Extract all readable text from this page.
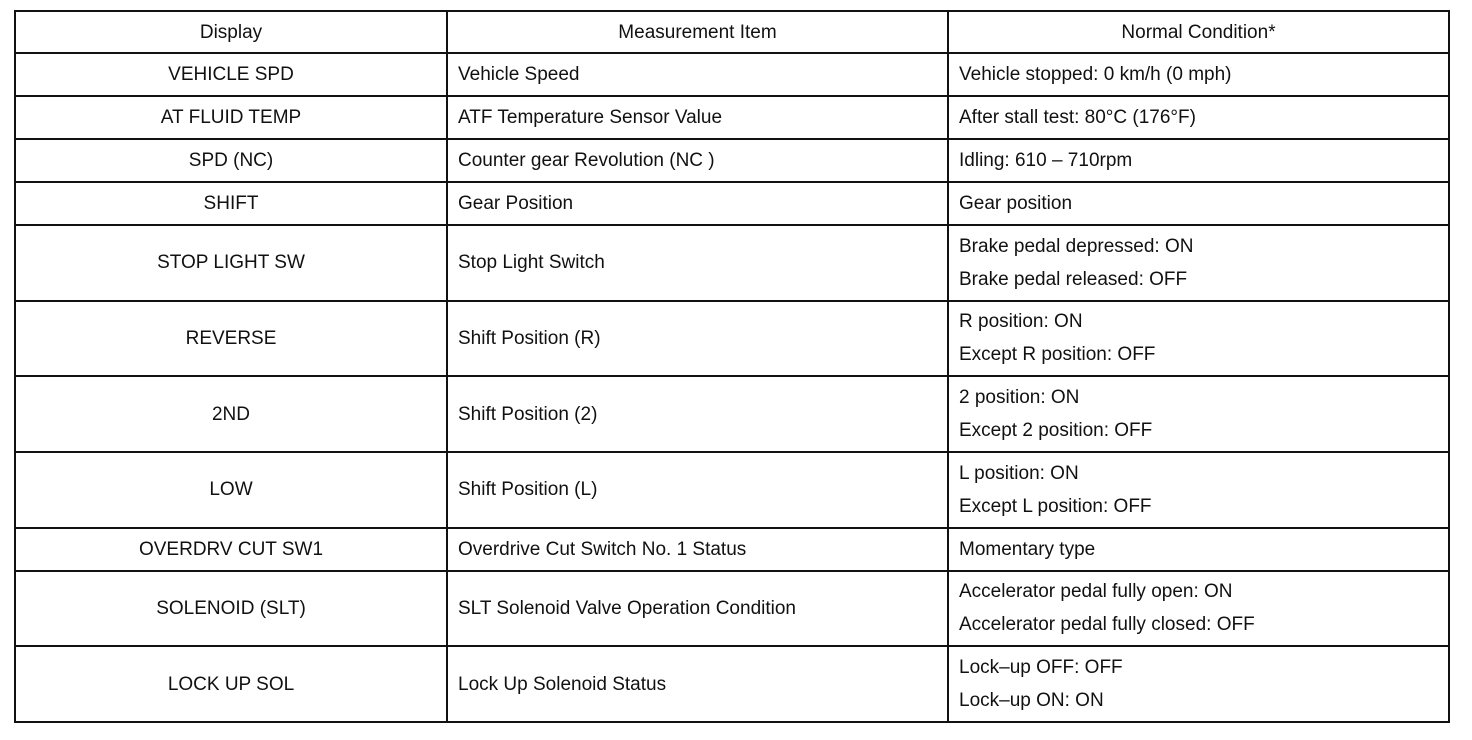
Display	Measurement Item	Normal Condition*
VEHICLE SPD	Vehicle Speed	Vehicle stopped: 0 km/h (0 mph)

AT FLUID TEMP	ATF Temperature Sensor Value	After stall test: 80°C (176°F)

SPD (NC)	Counter gear Revolution (NC )	Idling: 610 – 710rpm

SHIFT	Gear Position	Gear position

STOP LIGHT SW	Stop Light Switch	Brake pedal depressed: ON
Brake pedal released: OFF

REVERSE	Shift Position (R)	R position: ON
Except R position: OFF

2ND	Shift Position (2)	2 position: ON
Except 2 position: OFF

LOW	Shift Position (L)	L position: ON
Except L position: OFF

OVERDRV CUT SW1	Overdrive Cut Switch No. 1 Status	Momentary type

SOLENOID (SLT)	SLT Solenoid Valve Operation Condition	Accelerator pedal fully open: ON
Accelerator pedal fully closed: OFF

LOCK UP SOL	Lock Up Solenoid Status	Lock–up OFF: OFF
Lock–up ON: ON
